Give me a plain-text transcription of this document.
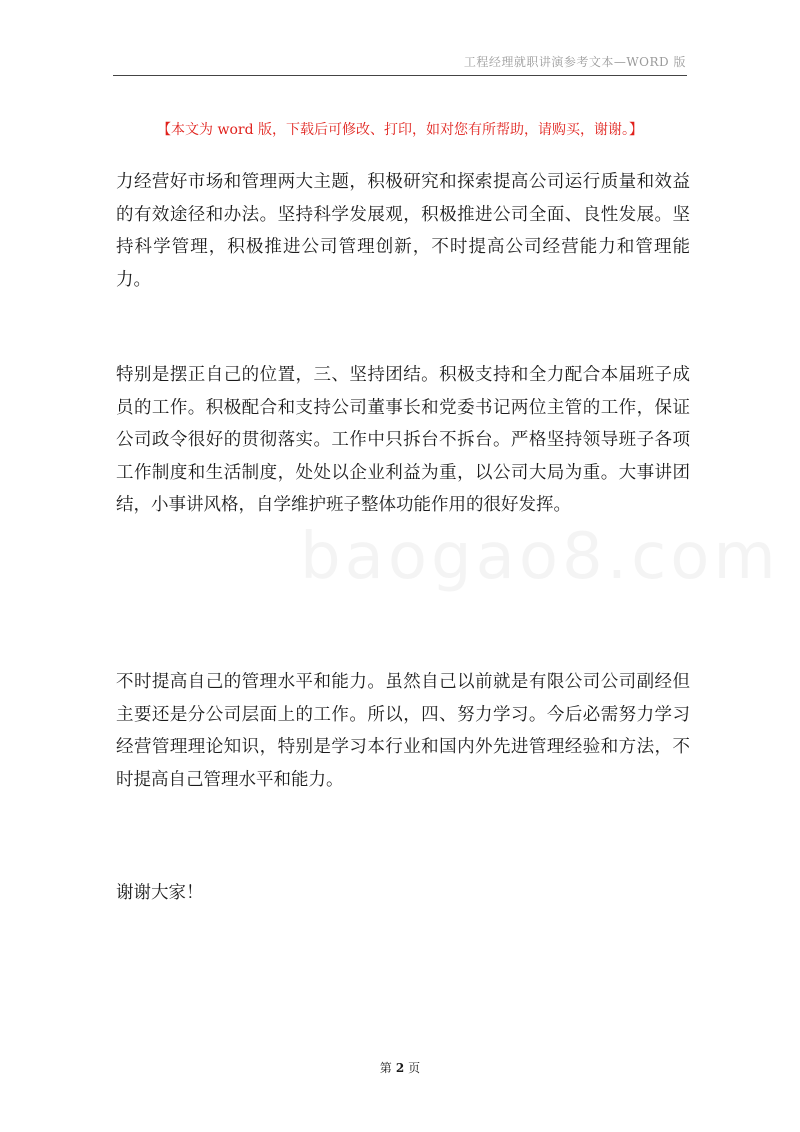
工程经理就职讲演参考文本—WORD 版
【本文为 word 版，下载后可修改、打印，如对您有所帮助，请购买，谢谢。】
力经营好市场和管理两大主题，积极研究和探索提高公司运行质量和效益的有效途径和办法。坚持科学发展观，积极推进公司全面、良性发展。坚持科学管理，积极推进公司管理创新，不时提高公司经营能力和管理能力。
特别是摆正自己的位置，三、坚持团结。积极支持和全力配合本届班子成员的工作。积极配合和支持公司董事长和党委书记两位主管的工作，保证公司政令很好的贯彻落实。工作中只拆台不拆台。严格坚持领导班子各项工作制度和生活制度，处处以企业利益为重，以公司大局为重。大事讲团结，小事讲风格，自学维护班子整体功能作用的很好发挥。
不时提高自己的管理水平和能力。虽然自己以前就是有限公司公司副经但主要还是分公司层面上的工作。所以，四、努力学习。今后必需努力学习经营管理理论知识，特别是学习本行业和国内外先进管理经验和方法，不时提高自己管理水平和能力。
谢谢大家！
第 2 页
